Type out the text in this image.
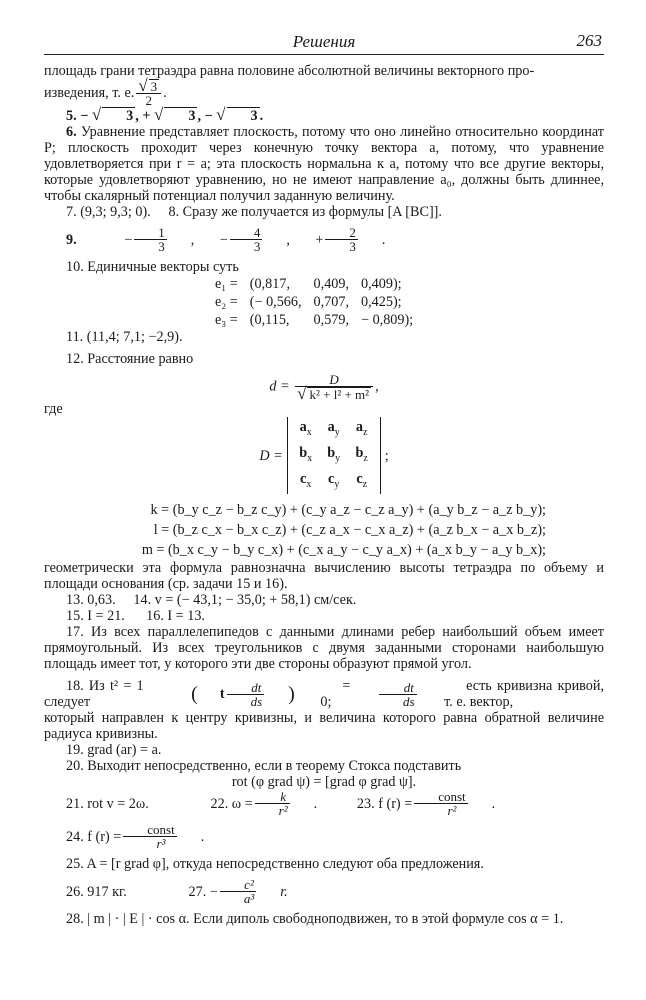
Решения	263

площадь грани тетраэдра равна половине абсолютной величины векторного про-

изведения, т. е. $\frac{√ 3}{2}$ .

5. − √ 3 , + √ 3 , − √ 3 .

6. Уравнение представляет плоскость, потому что оно линейно относительно координат P; плоскость проходит через конечную точку вектора a, потому, что уравнение удовлетворяется при r = a; эта плоскость нормальна к a, потому что все другие векторы, которые удовлетворяют уравнению, но не имеют направление a₀, должны быть длиннее, чтобы скалярный потенциал получил заданную величину.

7. (9,3; 9,3; 0). 8. Сразу же получается из формулы [A [BC]].

9.
	− $\frac{1}{3}$ ,	− $\frac{4}{3}$ ,	+ $\frac{2}{3}$ .

10. Единичные векторы суть

e₁ =	(0,817,	0,409,	0,409);
e₂ =	(− 0,566,	0,707,	0,425);
e₃ =	(0,115,	0,579,	− 0,809);

11. (11,4; 7,1; −2,9).

12. Расстояние равно

$d = \frac{D}{\text{√ k² + l² + m²}}$ ,

где

D =
$a_x$	$a_y$	$a_z$
$b_x$	$b_y$	$b_z$
$c_x$	$c_y$	$c_z$
;
k = (b_y c_z − b_z c_y) + (c_y a_z − c_z a_y) + (a_y b_z − a_z b_y);
l = (b_z c_x − b_x c_z) + (c_z a_x − c_x a_z) + (a_z b_x − a_x b_z);
m = (b_x c_y − b_y c_x) + (c_x a_y − c_y a_x) + (a_x b_y − a_y b_x);

геометрически эта формула равнозначна вычислению высоты тетраэдра по объему и площади основания (ср. задачи 15 и 16).

13. 0,63. 14. v = (− 43,1; − 35,0; + 58,1) см/сек.

15. I = 21. 16. I = 13.

17. Из всех параллелепипедов с данными длинами ребер наибольший объем имеет прямоугольный. Из всех треугольников с двумя заданными сторонами наибольшую площадь имеет тот, у которого эти две стороны образуют прямой угол.

18. Из t² = 1 следует
	(	t $\frac{dt}{ds}$	)
	= 0;
	$\frac{dt}{ds}$
	есть кривизна кривой, т. е. вектор,

который направлен к центру кривизны, и величина которого равна обратной величине радиуса кривизны.

19. grad (ar) = a.

20. Выходит непосредственно, если в теорему Стокса подставить

rot (φ grad ψ) = [grad φ grad ψ].

21. rot v = 2ω.
	22. $\omega = \frac{k}{\text{r²}}$ .	23. f $(r) = \frac{\text{const}}{\text{r²}}$ .

24. f $(r) = \frac{\text{const}}{\text{r³}}$ .

25. A = [r grad φ], откуда непосредственно следуют оба предложения.

26. 917 кг.
	27. − $\frac{\text{c²}}{\text{a³}}$	r.

28. | m | · | E | · cos α. Если диполь свободноподвижен, то в этой формуле cos α = 1.
